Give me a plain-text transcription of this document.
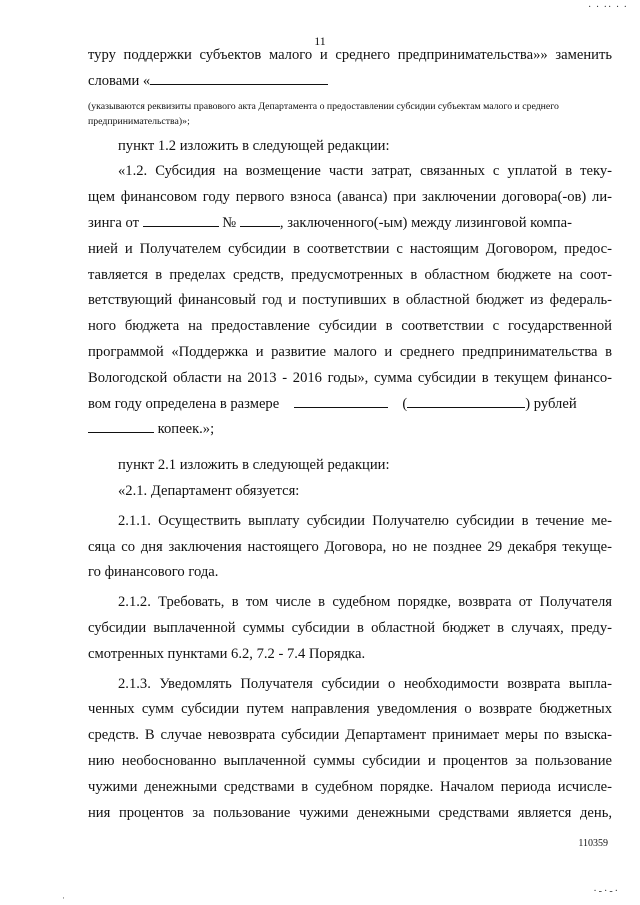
· · ·· · ·
11
туру поддержки субъектов малого и среднего предпринимательства»» заменить
словами «
(указываются реквизиты правового акта Департамента о предоставлении субсидии субъектам малого и среднего
предпринимательства)»;
пункт 1.2 изложить в следующей редакции:
«1.2. Субсидия на возмещение части затрат, связанных с уплатой в теку-
щем финансовом году первого взноса (аванса) при заключении договора(-ов) ли-
зинга от	№	, заключенного(-ым) между лизинговой компа-
нией и Получателем субсидии в соответствии с настоящим Договором, предос-
тавляется в пределах средств, предусмотренных в областном бюджете на соот-
ветствующий финансовый год и поступивших в областной бюджет из федераль-
ного бюджета на предоставление субсидии в соответствии с государственной
программой «Поддержка и развитие малого и среднего предпринимательства в
Вологодской области на 2013 - 2016 годы», сумма субсидии в текущем финансо-
вом году определена в размере	(	) рублей
копеек.»;
пункт 2.1 изложить в следующей редакции:
«2.1. Департамент обязуется:
2.1.1. Осуществить выплату субсидии Получателю субсидии в течение ме-
сяца со дня заключения настоящего Договора, но не позднее 29 декабря текуще-
го финансового года.
2.1.2. Требовать, в том числе в судебном порядке, возврата от Получателя
субсидии выплаченной суммы субсидии в областной бюджет в случаях, преду-
смотренных пунктами 6.2, 7.2 - 7.4 Порядка.
2.1.3. Уведомлять Получателя субсидии о необходимости возврата выпла-
ченных сумм субсидии путем направления уведомления о возврате бюджетных
средств. В случае невозврата субсидии Департамент принимает меры по взыска-
нию необоснованно выплаченной суммы субсидии и процентов за пользование
чужими денежными средствами в судебном порядке. Началом периода исчисле-
ния процентов за пользование чужими денежными средствами является день,
110359
·-·-·
·
